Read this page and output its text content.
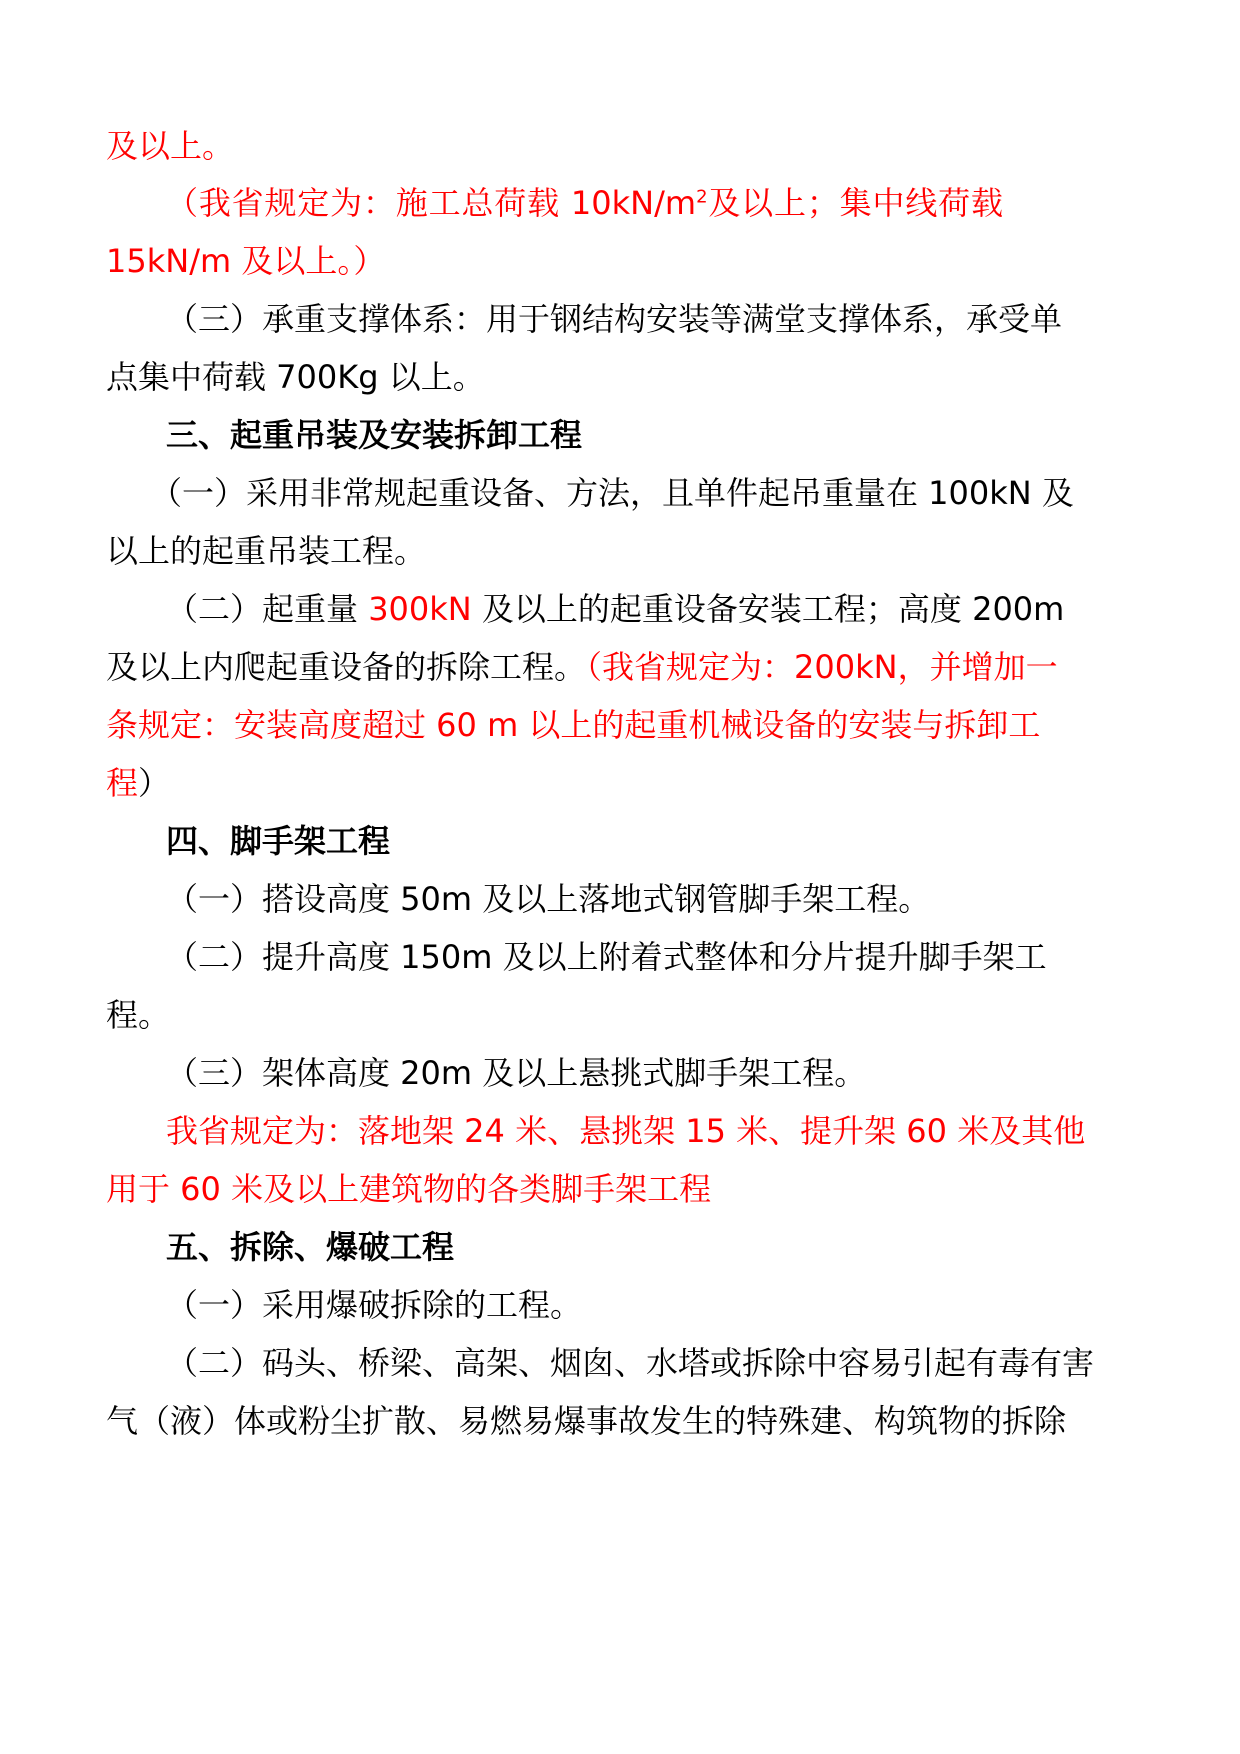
及以上。
（我省规定为：施工总荷载 $10kN/m^2$及以上；集中线荷载
15kN/m 及以上。）
（三）承重支撑体系：用于钢结构安装等满堂支撑体系，承受单
点集中荷载 700Kg 以上。
三、起重吊装及安装拆卸工程
（一）采用非常规起重设备、方法，且单件起吊重量在 100kN 及
以上的起重吊装工程。
（二）起重量 300kN 及以上的起重设备安装工程；高度 200m
及以上内爬起重设备的拆除工程。（我省规定为：200kN，并增加一
条规定：安装高度超过 60 m 以上的起重机械设备的安装与拆卸工
程）
四、脚手架工程
（一）搭设高度 50m 及以上落地式钢管脚手架工程。
（二）提升高度 150m 及以上附着式整体和分片提升脚手架工
程。
（三）架体高度 20m 及以上悬挑式脚手架工程。
我省规定为：落地架 24 米、悬挑架 15 米、提升架 60 米及其他
用于 60 米及以上建筑物的各类脚手架工程
五、拆除、爆破工程
（一）采用爆破拆除的工程。
（二）码头、桥梁、高架、烟囱、水塔或拆除中容易引起有毒有害
气（液）体或粉尘扩散、易燃易爆事故发生的特殊建、构筑物的拆除
